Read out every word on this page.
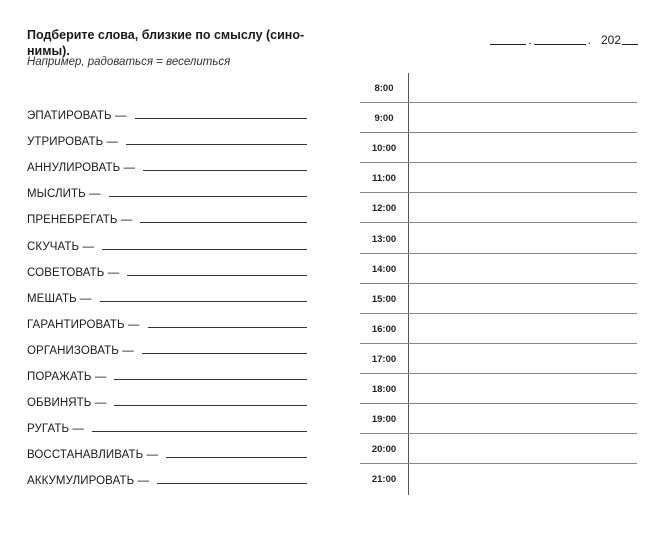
Подберите слова, близкие по смыслу (сино-нимы).
Например, радоваться = веселиться
.	. 202
ЭПАТИРОВАТЬ —
УТРИРОВАТЬ —
АННУЛИРОВАТЬ —
МЫСЛИТЬ —
ПРЕНЕБРЕГАТЬ —
СКУЧАТЬ —
СОВЕТОВАТЬ —
МЕШАТЬ —
ГАРАНТИРОВАТЬ —
ОРГАНИЗОВАТЬ —
ПОРАЖАТЬ —
ОБВИНЯТЬ —
РУГАТЬ —
ВОССТАНАВЛИВАТЬ —
АККУМУЛИРОВАТЬ —
8:00
9:00
10:00
11:00
12:00
13:00
14:00
15:00
16:00
17:00
18:00
19:00
20:00
21:00
